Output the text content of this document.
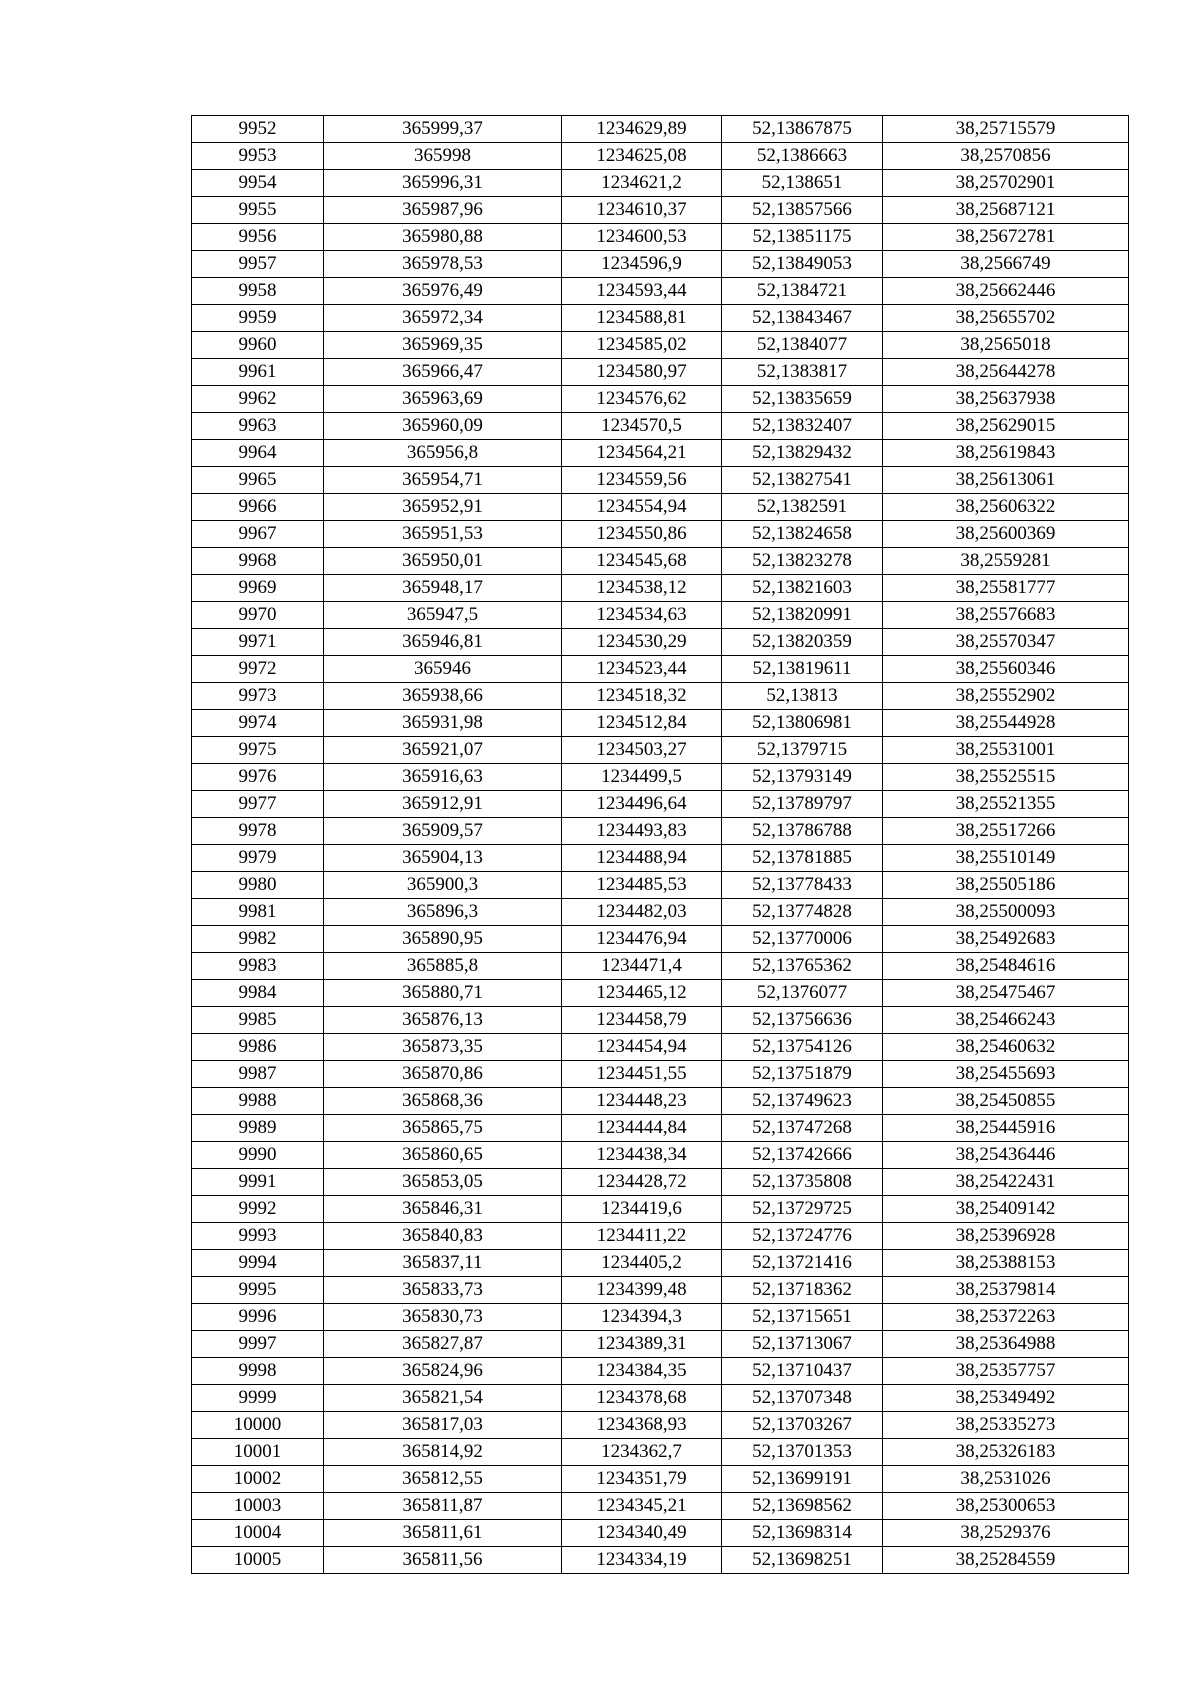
9952	365999,37	1234629,89	52,13867875	38,25715579
9953	365998	1234625,08	52,1386663	38,2570856
9954	365996,31	1234621,2	52,138651	38,25702901
9955	365987,96	1234610,37	52,13857566	38,25687121
9956	365980,88	1234600,53	52,13851175	38,25672781
9957	365978,53	1234596,9	52,13849053	38,2566749
9958	365976,49	1234593,44	52,1384721	38,25662446
9959	365972,34	1234588,81	52,13843467	38,25655702
9960	365969,35	1234585,02	52,1384077	38,2565018
9961	365966,47	1234580,97	52,1383817	38,25644278
9962	365963,69	1234576,62	52,13835659	38,25637938
9963	365960,09	1234570,5	52,13832407	38,25629015
9964	365956,8	1234564,21	52,13829432	38,25619843
9965	365954,71	1234559,56	52,13827541	38,25613061
9966	365952,91	1234554,94	52,1382591	38,25606322
9967	365951,53	1234550,86	52,13824658	38,25600369
9968	365950,01	1234545,68	52,13823278	38,2559281
9969	365948,17	1234538,12	52,13821603	38,25581777
9970	365947,5	1234534,63	52,13820991	38,25576683
9971	365946,81	1234530,29	52,13820359	38,25570347
9972	365946	1234523,44	52,13819611	38,25560346
9973	365938,66	1234518,32	52,13813	38,25552902
9974	365931,98	1234512,84	52,13806981	38,25544928
9975	365921,07	1234503,27	52,1379715	38,25531001
9976	365916,63	1234499,5	52,13793149	38,25525515
9977	365912,91	1234496,64	52,13789797	38,25521355
9978	365909,57	1234493,83	52,13786788	38,25517266
9979	365904,13	1234488,94	52,13781885	38,25510149
9980	365900,3	1234485,53	52,13778433	38,25505186
9981	365896,3	1234482,03	52,13774828	38,25500093
9982	365890,95	1234476,94	52,13770006	38,25492683
9983	365885,8	1234471,4	52,13765362	38,25484616
9984	365880,71	1234465,12	52,1376077	38,25475467
9985	365876,13	1234458,79	52,13756636	38,25466243
9986	365873,35	1234454,94	52,13754126	38,25460632
9987	365870,86	1234451,55	52,13751879	38,25455693
9988	365868,36	1234448,23	52,13749623	38,25450855
9989	365865,75	1234444,84	52,13747268	38,25445916
9990	365860,65	1234438,34	52,13742666	38,25436446
9991	365853,05	1234428,72	52,13735808	38,25422431
9992	365846,31	1234419,6	52,13729725	38,25409142
9993	365840,83	1234411,22	52,13724776	38,25396928
9994	365837,11	1234405,2	52,13721416	38,25388153
9995	365833,73	1234399,48	52,13718362	38,25379814
9996	365830,73	1234394,3	52,13715651	38,25372263
9997	365827,87	1234389,31	52,13713067	38,25364988
9998	365824,96	1234384,35	52,13710437	38,25357757
9999	365821,54	1234378,68	52,13707348	38,25349492
10000	365817,03	1234368,93	52,13703267	38,25335273
10001	365814,92	1234362,7	52,13701353	38,25326183
10002	365812,55	1234351,79	52,13699191	38,2531026
10003	365811,87	1234345,21	52,13698562	38,25300653
10004	365811,61	1234340,49	52,13698314	38,2529376
10005	365811,56	1234334,19	52,13698251	38,25284559
